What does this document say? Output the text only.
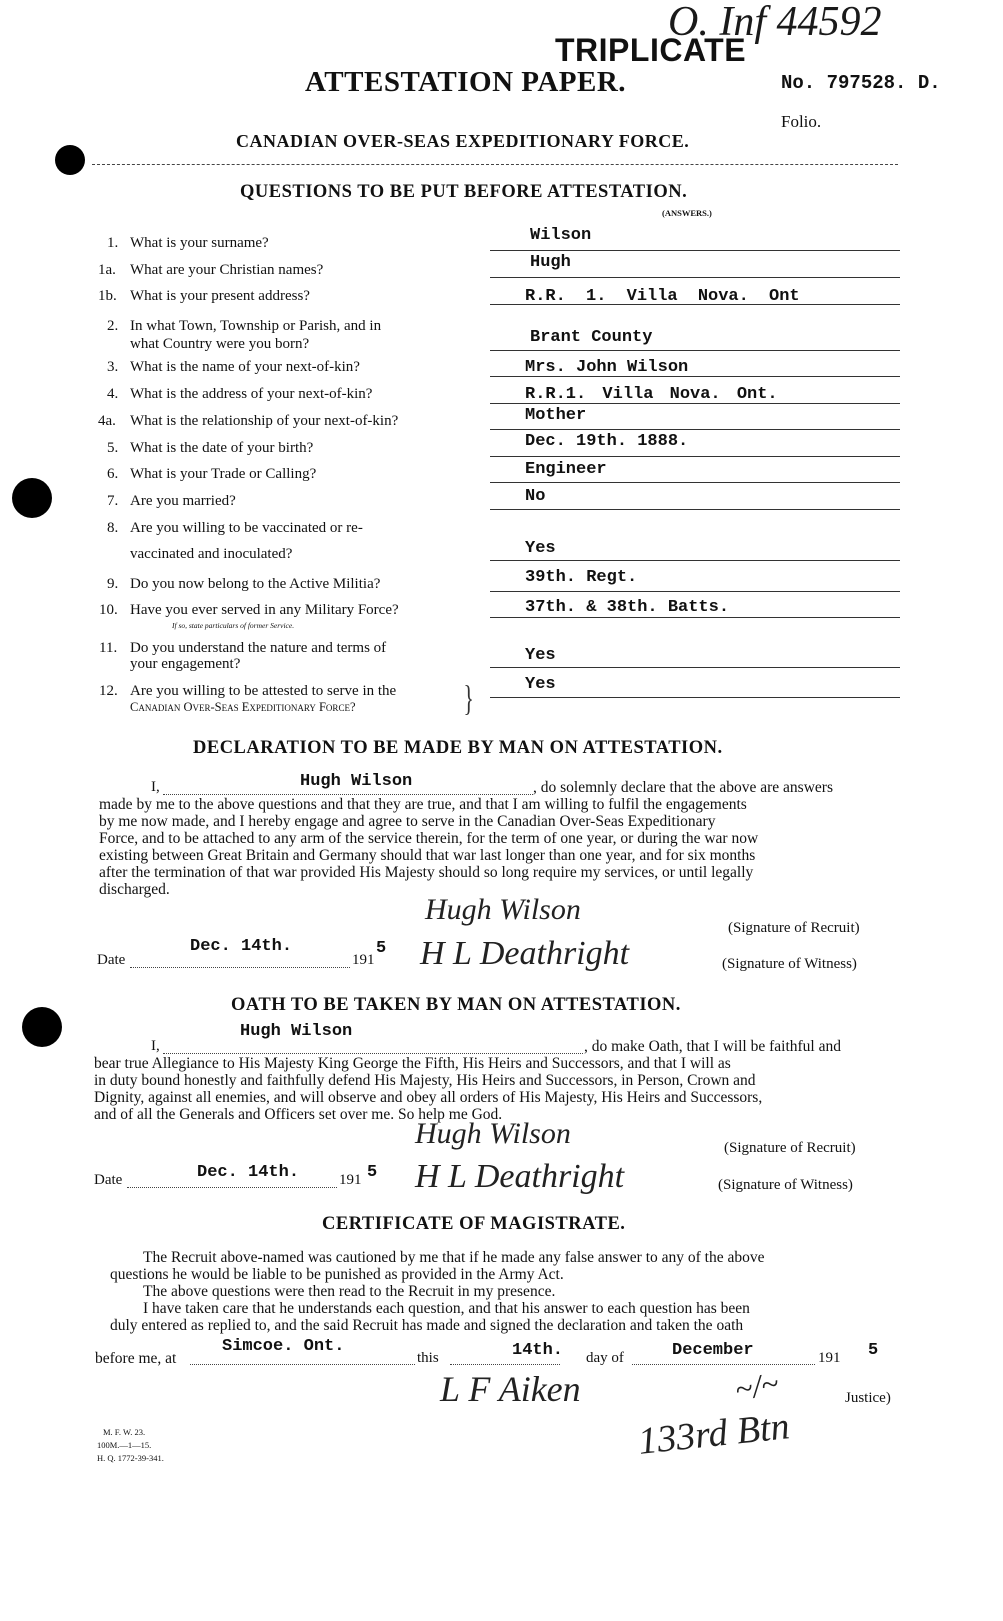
O. Inf 44592
TRIPLICATE
ATTESTATION PAPER.	No. 797528. D.
Folio.
CANADIAN OVER-SEAS EXPEDITIONARY FORCE.
QUESTIONS TO BE PUT BEFORE ATTESTATION.
(ANSWERS.)
1. What is your surname?	Wilson
1a. What are your Christian names?	Hugh
1b. What is your present address?	R.R. 1. Villa Nova. Ont
2. In what Town, Township or Parish, and in
what Country were you born?	Brant County
3. What is the name of your next-of-kin?	Mrs. John Wilson
4. What is the address of your next-of-kin?	R.R.1. Villa Nova. Ont.
4a. What is the relationship of your next-of-kin?	Mother
5. What is the date of your birth?	Dec. 19th. 1888.
6. What is your Trade or Calling?	Engineer
7. Are you married?	No
8. Are you willing to be vaccinated or re-
vaccinated and inoculated?	Yes
9. Do you now belong to the Active Militia?	39th. Regt.
10. Have you ever served in any Military Force?
If so, state particulars of former Service.
37th. & 38th. Batts.
11. Do you understand the nature and terms of
your engagement?	Yes
12. Are you willing to be attested to serve in the
Canadian Over-Seas Expeditionary Force?	}	Yes
DECLARATION TO BE MADE BY MAN ON ATTESTATION.
I,	Hugh Wilson	, do solemnly declare that the above are answers
made by me to the above questions and that they are true, and that I am willing to fulfil the engagements
by me now made, and I hereby engage and agree to serve in the Canadian Over-Seas Expeditionary
Force, and to be attached to any arm of the service therein, for the term of one year, or during the war now
existing between Great Britain and Germany should that war last longer than one year, and for six months
after the termination of that war provided His Majesty should so long require my services, or until legally
discharged.
Hugh Wilson
(Signature of Recruit)
H L Deathright	(Signature of Witness)
Date
Dec. 14th.
191
5
OATH TO BE TAKEN BY MAN ON ATTESTATION.
I,
Hugh Wilson
, do make Oath, that I will be faithful and
bear true Allegiance to His Majesty King George the Fifth, His Heirs and Successors, and that I will as
in duty bound honestly and faithfully defend His Majesty, His Heirs and Successors, in Person, Crown and
Dignity, against all enemies, and will observe and obey all orders of His Majesty, His Heirs and Successors,
and of all the Generals and Officers set over me. So help me God.
Hugh Wilson	(Signature of Recruit)
H L Deathright	(Signature of Witness)
Date	Dec. 14th.	191 5
CERTIFICATE OF MAGISTRATE.
The Recruit above-named was cautioned by me that if he made any false answer to any of the above
questions he would be liable to be punished as provided in the Army Act.
The above questions were then read to the Recruit in my presence.
I have taken care that he understands each question, and that his answer to each question has been
duly entered as replied to, and the said Recruit has made and signed the declaration and taken the oath
before me, at
Simcoe. Ont.
this	14th. day of	December	191 5
L F Aiken	Justice)
133rd Btn
~/~
M. F. W. 23.
100M.—1—15.
H. Q. 1772-39-341.
